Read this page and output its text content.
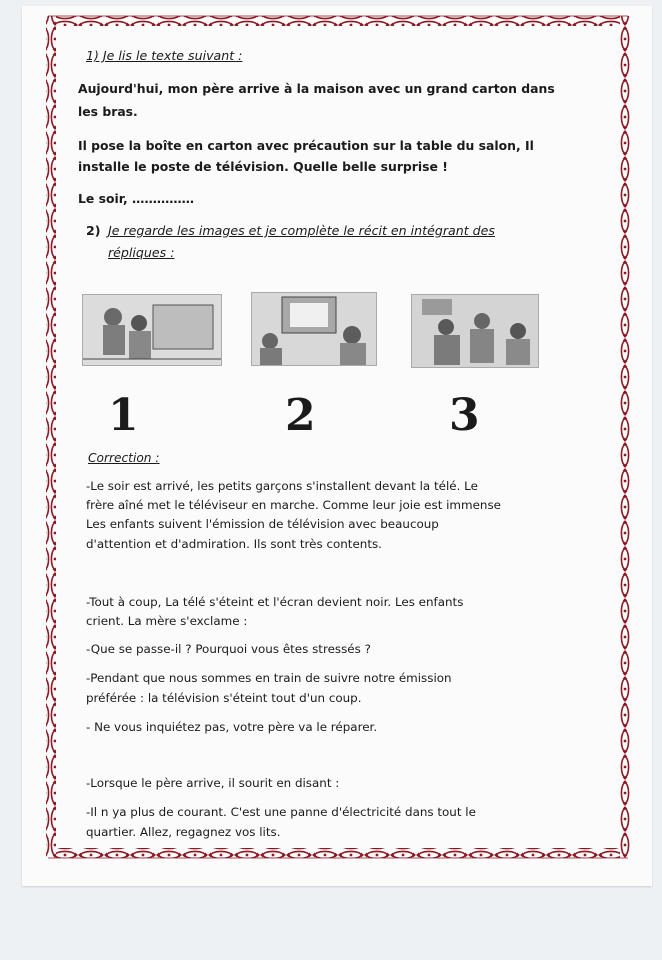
1) Je lis le texte suivant :
Aujourd'hui, mon père arrive à la maison avec un grand carton dans
les bras.
Il pose la boîte en carton avec précaution sur la table du salon, Il
installe le poste de télévision. Quelle belle surprise !
Le soir, ……………
2) Je regarde les images et je complète le récit en intégrant des
répliques :
1	2	3
Correction :
-Le soir est arrivé, les petits garçons s'installent devant la télé. Le
frère aîné met le téléviseur en marche. Comme leur joie est immense
Les enfants suivent l'émission de télévision avec beaucoup
d'attention et d'admiration. Ils sont très contents.
-Tout à coup, La télé s'éteint et l'écran devient noir. Les enfants
crient. La mère s'exclame :
-Que se passe-il ? Pourquoi vous êtes stressés ?
-Pendant que nous sommes en train de suivre notre émission
préférée : la télévision s'éteint tout d'un coup.
- Ne vous inquiétez pas, votre père va le réparer.
-Lorsque le père arrive, il sourit en disant :
-Il n ya plus de courant. C'est une panne d'électricité dans tout le
quartier. Allez, regagnez vos lits.
